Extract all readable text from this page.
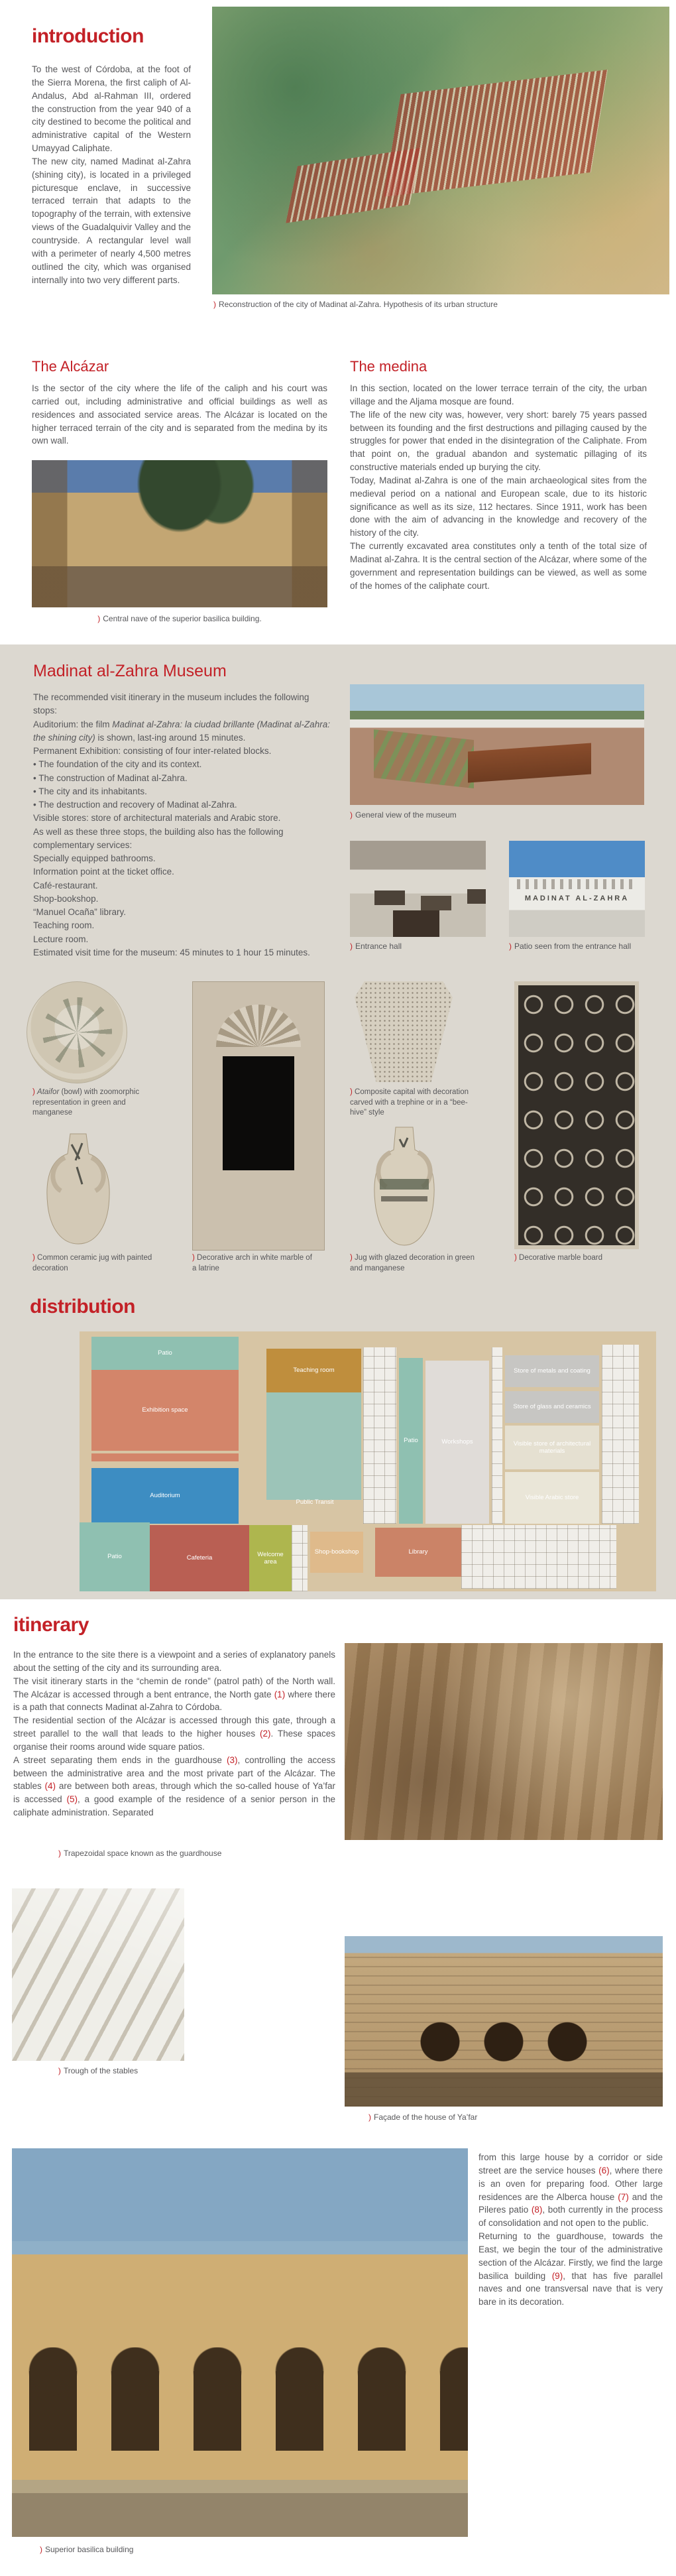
introduction

To the west of Córdoba, at the foot of the Sierra Morena, the first caliph of Al-Andalus, Abd al-Rahman III, ordered the construction from the year 940 of a city destined to become the political and administrative capital of the Western Umayyad Caliphate.

The new city, named Madinat al-Zahra (shining city), is located in a privileged picturesque enclave, in successive terraced terrain that adapts to the topography of the terrain, with extensive views of the Guadalquivir Valley and the countryside. A rectangular level wall with a perimeter of nearly 4,500 metres outlined the city, which was organised internally into two very different parts.

) Reconstruction of the city of Madinat al-Zahra. Hypothesis of its urban structure
The Alcázar

Is the sector of the city where the life of the caliph and his court was carried out, including administrative and official buildings as well as residences and associated service areas. The Alcázar is located on the higher terraced terrain of the city and is separated from the medina by its own wall.

) Central nave of the superior basilica building.
The medina

In this section, located on the lower terrace terrain of the city, the urban village and the Aljama mosque are found.

The life of the new city was, however, very short: barely 75 years passed between its founding and the first destructions and pillaging caused by the struggles for power that ended in the disintegration of the Caliphate. From that point on, the gradual abandon and systematic pillaging of its constructive materials ended up burying the city.

Today, Madinat al-Zahra is one of the main archaeological sites from the medieval period on a national and European scale, due to its historic significance as well as its size, 112 hectares. Since 1911, work has been done with the aim of advancing in the knowledge and recovery of the history of the city.

The currently excavated area constitutes only a tenth of the total size of Madinat al-Zahra. It is the central section of the Alcázar, where some of the government and representation buildings can be viewed, as well as some of the homes of the caliphate court.

Madinat al-Zahra Museum
The recommended visit itinerary in the museum includes the following stops:
Auditorium: the film Madinat al-Zahra: la ciudad brillante (Madinat al-Zahra: the shining city) is shown, last-ing around 15 minutes.
Permanent Exhibition: consisting of four inter-related blocks.
• The foundation of the city and its context.
• The construction of Madinat al-Zahra.
• The city and its inhabitants.
• The destruction and recovery of Madinat al-Zahra.
Visible stores: store of architectural materials and Arabic store.
As well as these three stops, the building also has the following complementary services:
Specially equipped bathrooms.
Information point at the ticket office.
Café-restaurant.
Shop-bookshop.
“Manuel Ocaña” library.
Teaching room.
Lecture room.
Estimated visit time for the museum: 45 minutes to 1 hour 15 minutes.
) General view of the museum
) Entrance hall
MADINAT AL-ZAHRA
) Patio seen from the entrance hall
) Ataifor (bowl) with zoomorphic representation in green and manganese
) Common ceramic jug with painted decoration
) Decorative arch in white marble of a latrine
) Composite capital with decoration carved with a trephine or in a “bee-hive” style
) Jug with glazed decoration in green and manganese
) Decorative marble board
distribution
Patio
Exhibition space
Auditorium
Teaching room
Patio	Workshops
Store of metals and coating
Store of glass and ceramics
Visible store of architectural materials
Visible Arabic store
Public Transit
Patio	Cafeteria
Welcome area
Shop-bookshop	Library
itinerary

In the entrance to the site there is a viewpoint and a series of explanatory panels about the setting of the city and its surrounding area.

The visit itinerary starts in the “chemin de ronde” (patrol path) of the North wall. The Alcázar is accessed through a bent entrance, the North gate (1) where there is a path that connects Madinat al-Zahra to Córdoba.

The residential section of the Alcázar is accessed through this gate, through a street parallel to the wall that leads to the higher houses (2). These spaces organise their rooms around wide square patios.

A street separating them ends in the guardhouse (3), controlling the access between the administrative area and the most private part of the Alcázar. The stables (4) are between both areas, through which the so-called house of Ya’far is accessed (5), a good example of the residence of a senior person in the caliphate administration. Separated

) Trapezoidal space known as the guardhouse
) Trough of the stables
) Façade of the house of Ya’far
) Superior basilica building

from this large house by a corridor or side street are the service houses (6), where there is an oven for preparing food. Other large residences are the Alberca house (7) and the Pileres patio (8), both currently in the process of consolidation and not open to the public.

Returning to the guardhouse, towards the East, we begin the tour of the administrative section of the Alcázar. Firstly, we find the large basilica building (9), that has five parallel naves and one transversal nave that is very bare in its decoration.
